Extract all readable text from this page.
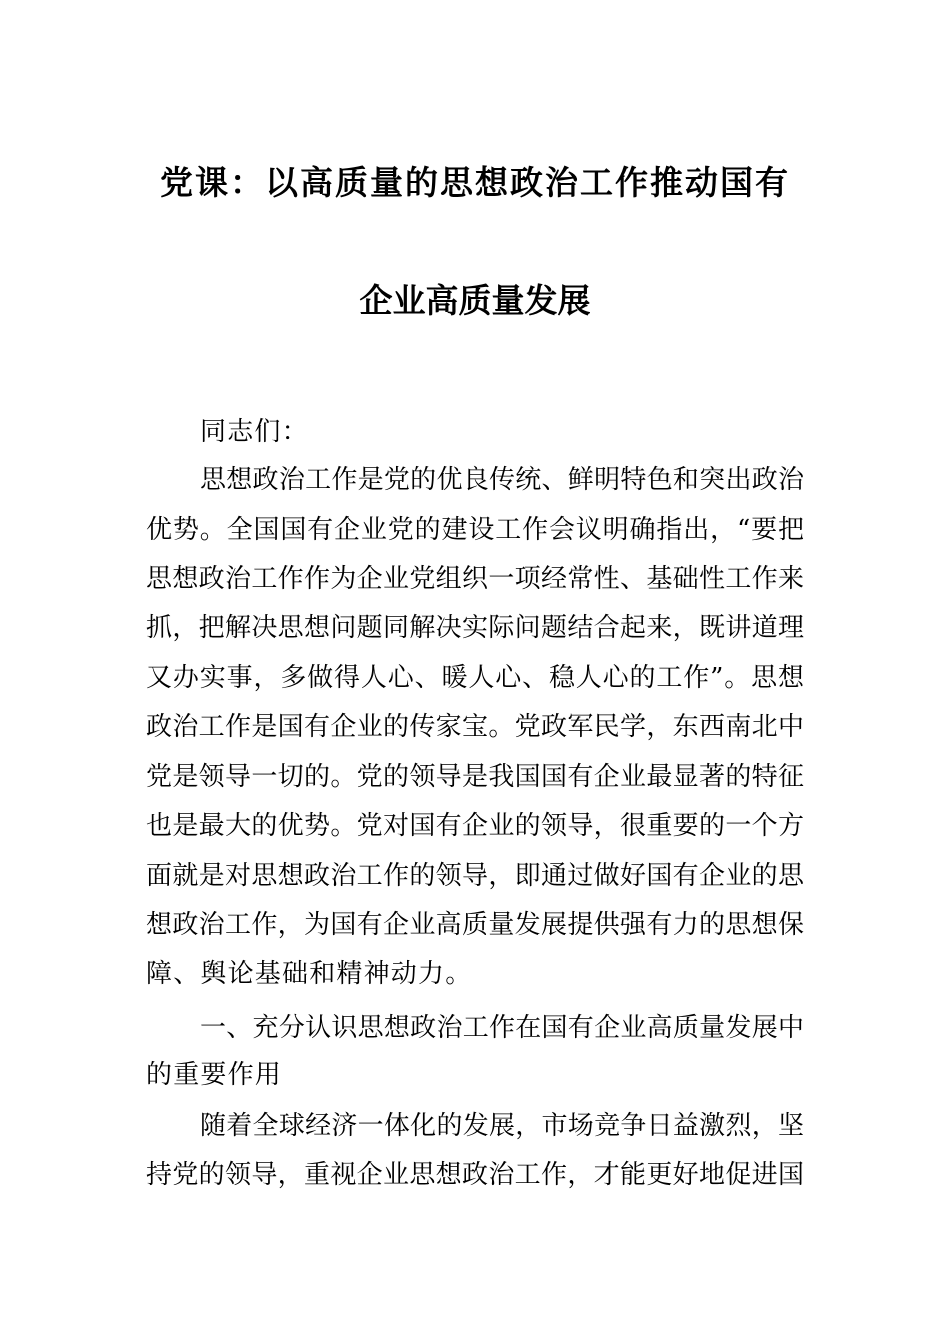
党课：以高质量的思想政治工作推动国有
企业高质量发展
同志们：
思想政治工作是党的优良传统、鲜明特色和突出政治
优势。全国国有企业党的建设工作会议明确指出，“要把
思想政治工作作为企业党组织一项经常性、基础性工作来
抓，把解决思想问题同解决实际问题结合起来，既讲道理
又办实事，多做得人心、暖人心、稳人心的工作”。思想
政治工作是国有企业的传家宝。党政军民学，东西南北中
党是领导一切的。党的领导是我国国有企业最显著的特征
也是最大的优势。党对国有企业的领导，很重要的一个方
面就是对思想政治工作的领导，即通过做好国有企业的思
想政治工作，为国有企业高质量发展提供强有力的思想保
障、舆论基础和精神动力。
一、充分认识思想政治工作在国有企业高质量发展中
的重要作用
随着全球经济一体化的发展，市场竞争日益激烈，坚
持党的领导，重视企业思想政治工作，才能更好地促进国
